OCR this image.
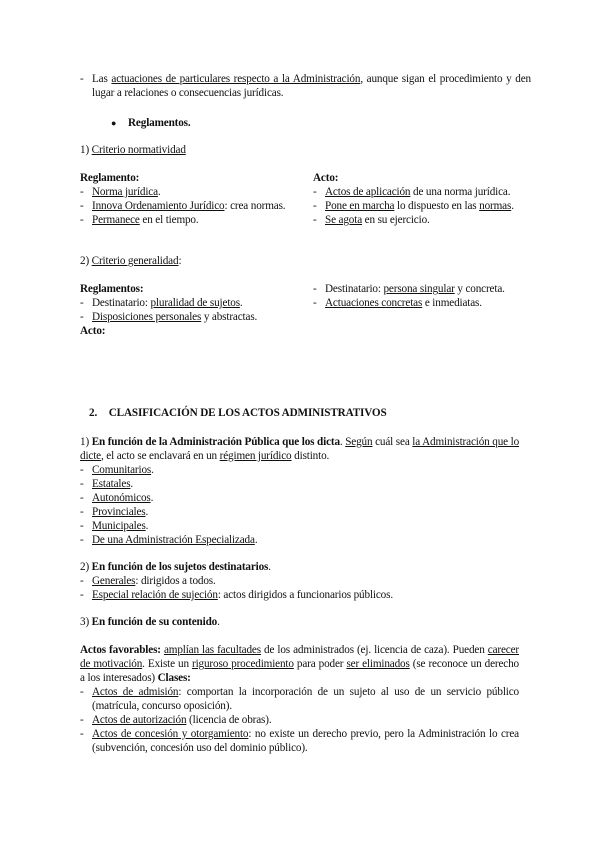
- Las actuaciones de particulares respecto a la Administración, aunque sigan el procedimiento y den lugar a relaciones o consecuencias jurídicas.
● Reglamentos.
1) Criterio normatividad
Reglamento:
- Norma jurídica.
- Innova Ordenamiento Jurídico: crea normas.
- Permanece en el tiempo.
Acto:
- Actos de aplicación de una norma jurídica.
- Pone en marcha lo dispuesto en las normas.
- Se agota en su ejercicio.
2) Criterio generalidad:
Reglamentos:
- Destinatario: pluralidad de sujetos.
- Disposiciones personales y abstractas.
Acto:
- Destinatario: persona singular y concreta.
- Actuaciones concretas e inmediatas.
2. CLASIFICACIÓN DE LOS ACTOS ADMINISTRATIVOS

1) En función de la Administración Pública que los dicta. Según cuál sea la Administración que lo dicte, el acto se enclavará en un régimen jurídico distinto.

- Comunitarios.
- Estatales.
- Autonómicos.
- Provinciales.
- Municipales.
- De una Administración Especializada.

2) En función de los sujetos destinatarios.

- Generales: dirigidos a todos.
- Especial relación de sujeción: actos dirigidos a funcionarios públicos.
3) En función de su contenido.

Actos favorables: amplían las facultades de los administrados (ej. licencia de caza). Pueden carecer de motivación. Existe un riguroso procedimiento para poder ser eliminados (se reconoce un derecho a los interesados) Clases:

- Actos de admisión: comportan la incorporación de un sujeto al uso de un servicio público (matrícula, concurso oposición).
- Actos de autorización (licencia de obras).
- Actos de concesión y otorgamiento: no existe un derecho previo, pero la Administración lo crea (subvención, concesión uso del dominio público).
